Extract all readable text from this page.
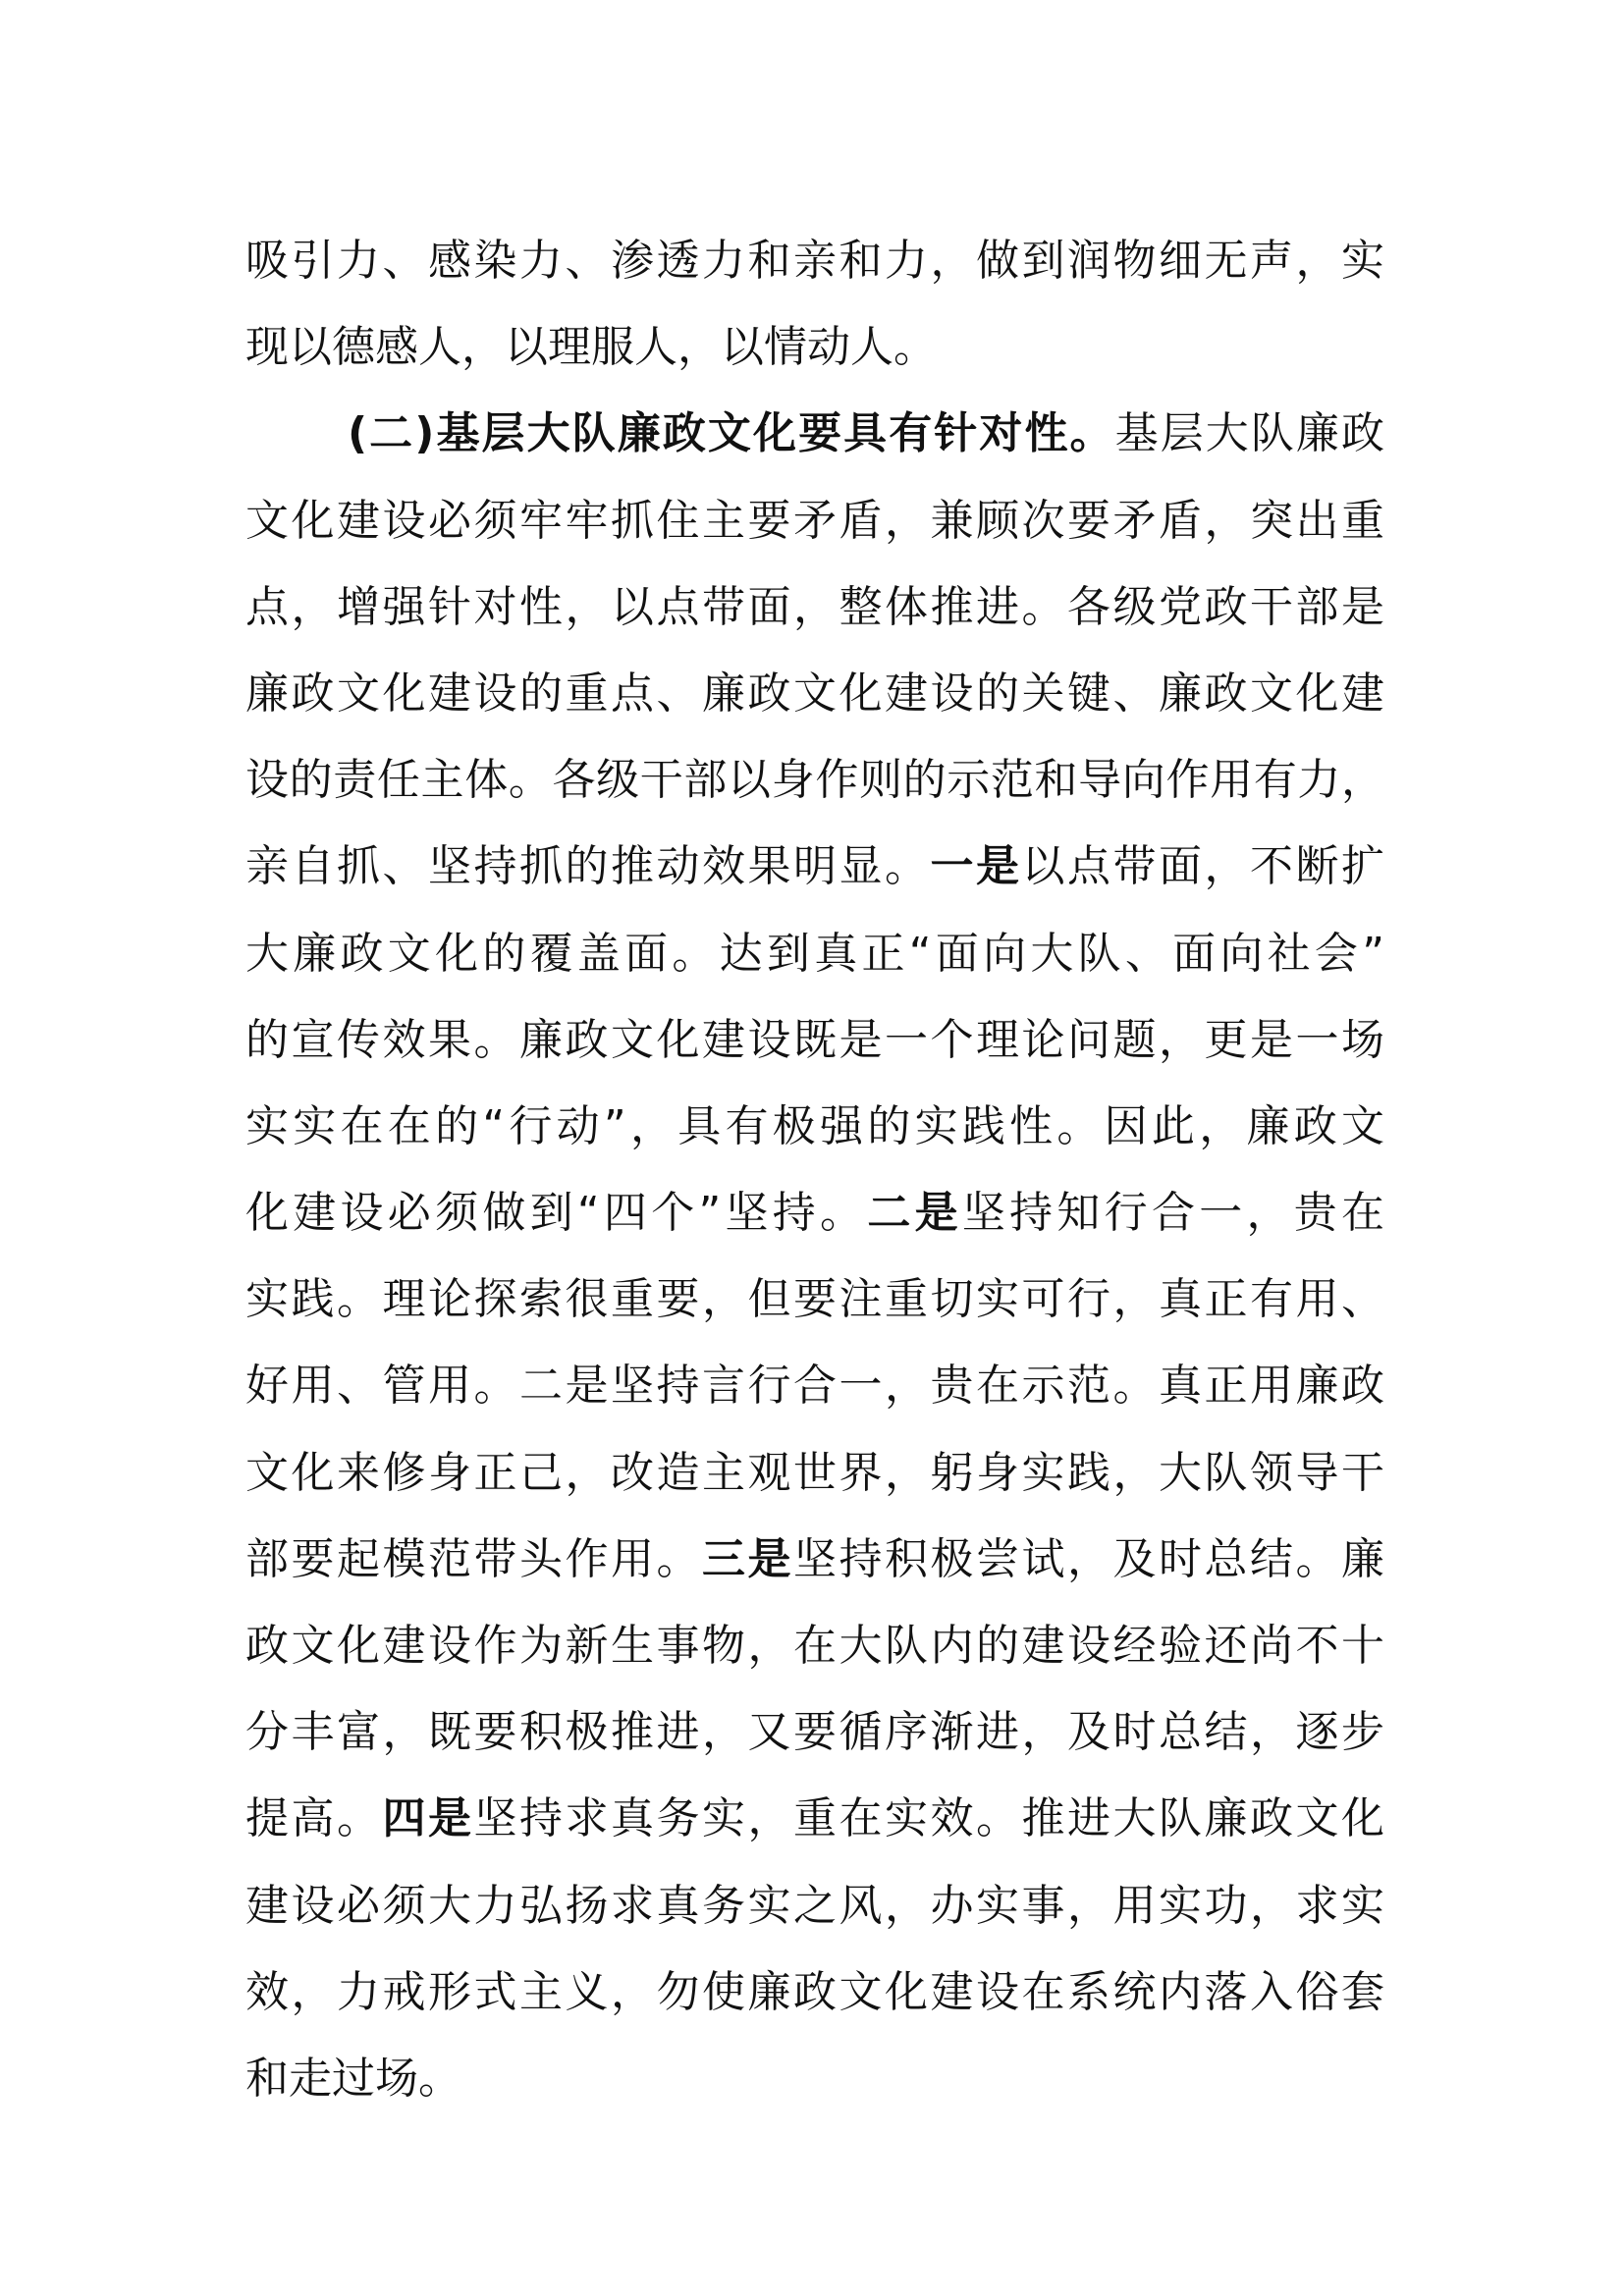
吸引力、感染力、渗透力和亲和力，做到润物细无声，实
现以德感人，以理服人，以情动人。
(二)基层大队廉政文化要具有针对性。基层大队廉政
文化建设必须牢牢抓住主要矛盾，兼顾次要矛盾，突出重
点，增强针对性，以点带面，整体推进。各级党政干部是
廉政文化建设的重点、廉政文化建设的关键、廉政文化建
设的责任主体。各级干部以身作则的示范和导向作用有力，
亲自抓、坚持抓的推动效果明显。一是以点带面，不断扩
大廉政文化的覆盖面。达到真正“面向大队、面向社会”
的宣传效果。廉政文化建设既是一个理论问题，更是一场
实实在在的“行动”，具有极强的实践性。因此，廉政文
化建设必须做到“四个”坚持。二是坚持知行合一，贵在
实践。理论探索很重要，但要注重切实可行，真正有用、
好用、管用。二是坚持言行合一，贵在示范。真正用廉政
文化来修身正己，改造主观世界，躬身实践，大队领导干
部要起模范带头作用。三是坚持积极尝试，及时总结。廉
政文化建设作为新生事物，在大队内的建设经验还尚不十
分丰富，既要积极推进，又要循序渐进，及时总结，逐步
提高。四是坚持求真务实，重在实效。推进大队廉政文化
建设必须大力弘扬求真务实之风，办实事，用实功，求实
效，力戒形式主义，勿使廉政文化建设在系统内落入俗套
和走过场。
